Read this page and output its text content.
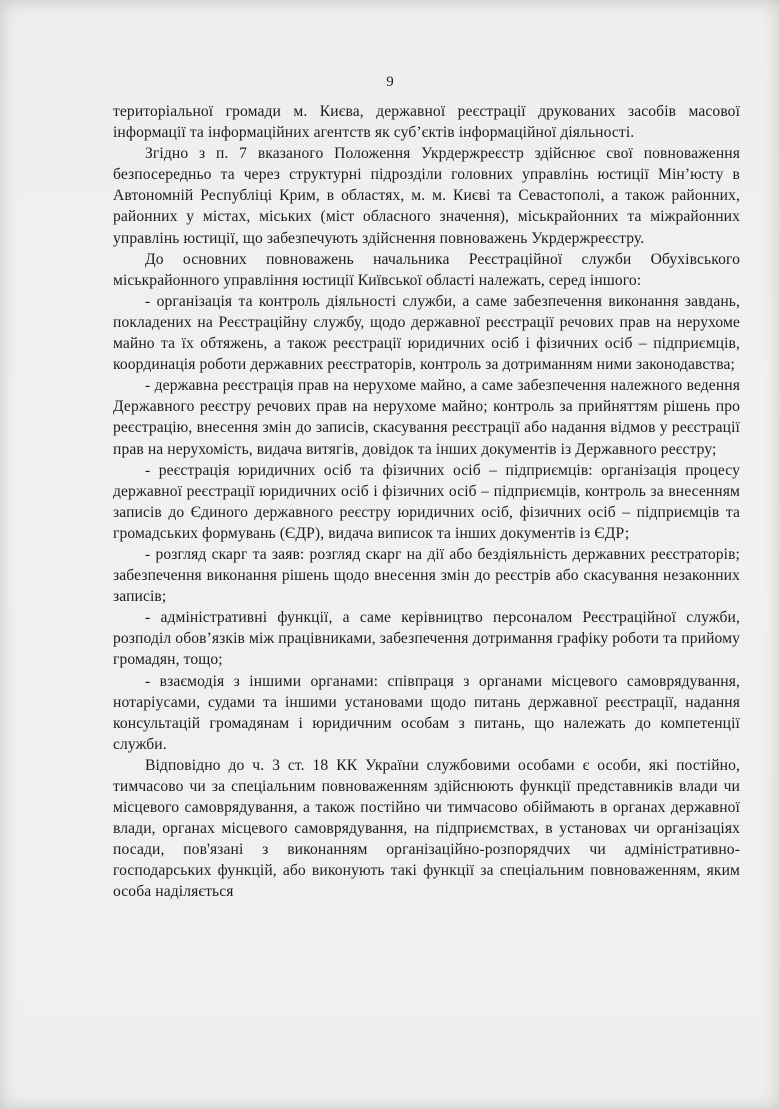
9

територіальної громади м. Києва, державної реєстрації друкованих засобів масової інформації та інформаційних агентств як суб’єктів інформаційної діяльності.

Згідно з п. 7 вказаного Положення Укрдержреєстр здійснює свої повноваження безпосередньо та через структурні підрозділи головних управлінь юстиції Мін’юсту в Автономній Республіці Крим, в областях, м. м. Києві та Севастополі, а також районних, районних у містах, міських (міст обласного значення), міськрайонних та міжрайонних управлінь юстиції, що забезпечують здійснення повноважень Укрдержреєстру.

До основних повноважень начальника Реєстраційної служби Обухівського міськрайонного управління юстиції Київської області належать, серед іншого:

- організація та контроль діяльності служби, а саме забезпечення виконання завдань, покладених на Реєстраційну службу, щодо державної реєстрації речових прав на нерухоме майно та їх обтяжень, а також реєстрації юридичних осіб і фізичних осіб – підприємців, координація роботи державних реєстраторів, контроль за дотриманням ними законодавства;

- державна реєстрація прав на нерухоме майно, а саме забезпечення належного ведення Державного реєстру речових прав на нерухоме майно; контроль за прийняттям рішень про реєстрацію, внесення змін до записів, скасування реєстрації або надання відмов у реєстрації прав на нерухомість, видача витягів, довідок та інших документів із Державного реєстру;

- реєстрація юридичних осіб та фізичних осіб – підприємців: організація процесу державної реєстрації юридичних осіб і фізичних осіб – підприємців, контроль за внесенням записів до Єдиного державного реєстру юридичних осіб, фізичних осіб – підприємців та громадських формувань (ЄДР), видача виписок та інших документів із ЄДР;

- розгляд скарг та заяв: розгляд скарг на дії або бездіяльність державних реєстраторів; забезпечення виконання рішень щодо внесення змін до реєстрів або скасування незаконних записів;

- адміністративні функції, а саме керівництво персоналом Реєстраційної служби, розподіл обов’язків між працівниками, забезпечення дотримання графіку роботи та прийому громадян, тощо;

- взаємодія з іншими органами: співпраця з органами місцевого самоврядування, нотаріусами, судами та іншими установами щодо питань державної реєстрації, надання консультацій громадянам і юридичним особам з питань, що належать до компетенції служби.

Відповідно до ч. 3 ст. 18 КК України службовими особами є особи, які постійно, тимчасово чи за спеціальним повноваженням здійснюють функції представників влади чи місцевого самоврядування, а також постійно чи тимчасово обіймають в органах державної влади, органах місцевого самоврядування, на підприємствах, в установах чи організаціях посади, пов'язані з виконанням організаційно-розпорядчих чи адміністративно-господарських функцій, або виконують такі функції за спеціальним повноваженням, яким особа наділяється
